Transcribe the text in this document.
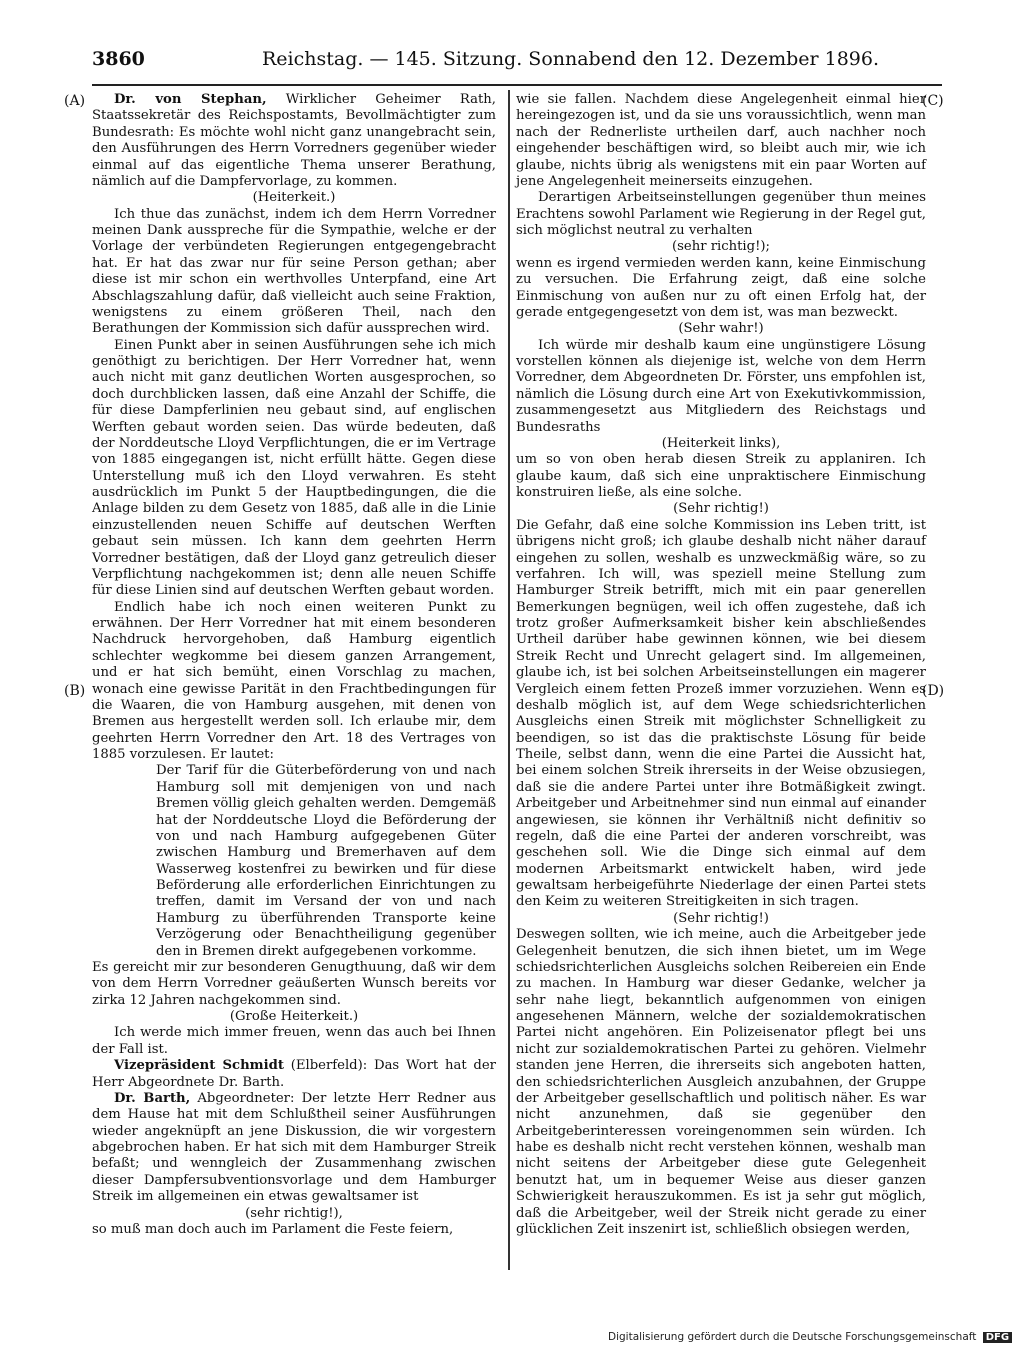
3860	Reichstag. — 145. Sitzung. Sonnabend den 12. Dezember 1896.
(A)
(B)
(C)
(D)

Dr. von Stephan, Wirklicher Geheimer Rath, Staatssekretär des Reichspostamts, Bevollmächtigter zum Bundesrath: Es möchte wohl nicht ganz unangebracht sein, den Ausführungen des Herrn Vorredners gegenüber wieder einmal auf das eigentliche Thema unserer Berathung, nämlich auf die Dampfervorlage, zu kommen.

(Heiterkeit.)

Ich thue das zunächst, indem ich dem Herrn Vorredner meinen Dank ausspreche für die Sympathie, welche er der Vorlage der verbündeten Regierungen entgegengebracht hat. Er hat das zwar nur für seine Person gethan; aber diese ist mir schon ein werthvolles Unterpfand, eine Art Abschlagszahlung dafür, daß vielleicht auch seine Fraktion, wenigstens zu einem größeren Theil, nach den Berathungen der Kommission sich dafür aussprechen wird.

Einen Punkt aber in seinen Ausführungen sehe ich mich genöthigt zu berichtigen. Der Herr Vorredner hat, wenn auch nicht mit ganz deutlichen Worten ausgesprochen, so doch durchblicken lassen, daß eine Anzahl der Schiffe, die für diese Dampferlinien neu gebaut sind, auf englischen Werften gebaut worden seien. Das würde bedeuten, daß der Norddeutsche Lloyd Verpflichtungen, die er im Vertrage von 1885 eingegangen ist, nicht erfüllt hätte. Gegen diese Unterstellung muß ich den Lloyd verwahren. Es steht ausdrücklich im Punkt 5 der Hauptbedingungen, die die Anlage bilden zu dem Gesetz von 1885, daß alle in die Linie einzustellenden neuen Schiffe auf deutschen Werften gebaut sein müssen. Ich kann dem geehrten Herrn Vorredner bestätigen, daß der Lloyd ganz getreulich dieser Verpflichtung nachgekommen ist; denn alle neuen Schiffe für diese Linien sind auf deutschen Werften gebaut worden.

Endlich habe ich noch einen weiteren Punkt zu erwähnen. Der Herr Vorredner hat mit einem besonderen Nachdruck hervorgehoben, daß Hamburg eigentlich schlechter wegkomme bei diesem ganzen Arrangement, und er hat sich bemüht, einen Vorschlag zu machen, wonach eine gewisse Parität in den Frachtbedingungen für die Waaren, die von Hamburg ausgehen, mit denen von Bremen aus hergestellt werden soll. Ich erlaube mir, dem geehrten Herrn Vorredner den Art. 18 des Vertrages von 1885 vorzulesen. Er lautet:

Der Tarif für die Güterbeförderung von und nach Hamburg soll mit demjenigen von und nach Bremen völlig gleich gehalten werden. Demgemäß hat der Norddeutsche Lloyd die Beförderung der von und nach Hamburg aufgegebenen Güter zwischen Hamburg und Bremerhaven auf dem Wasserweg kostenfrei zu bewirken und für diese Beförderung alle erforderlichen Einrichtungen zu treffen, damit im Versand der von und nach Hamburg zu überführenden Transporte keine Verzögerung oder Benachtheiligung gegenüber den in Bremen direkt aufgegebenen vorkomme.

Es gereicht mir zur besonderen Genugthuung, daß wir dem von dem Herrn Vorredner geäußerten Wunsch bereits vor zirka 12 Jahren nachgekommen sind.

(Große Heiterkeit.)

Ich werde mich immer freuen, wenn das auch bei Ihnen der Fall ist.

Vizepräsident Schmidt (Elberfeld): Das Wort hat der Herr Abgeordnete Dr. Barth.

Dr. Barth, Abgeordneter: Der letzte Herr Redner aus dem Hause hat mit dem Schlußtheil seiner Ausführungen wieder angeknüpft an jene Diskussion, die wir vorgestern abgebrochen haben. Er hat sich mit dem Hamburger Streik befaßt; und wenngleich der Zusammenhang zwischen dieser Dampfersubventionsvorlage und dem Hamburger Streik im allgemeinen ein etwas gewaltsamer ist

(sehr richtig!),

so muß man doch auch im Parlament die Feste feiern,

wie sie fallen. Nachdem diese Angelegenheit einmal hier hereingezogen ist, und da sie uns voraussichtlich, wenn man nach der Rednerliste urtheilen darf, auch nachher noch eingehender beschäftigen wird, so bleibt auch mir, wie ich glaube, nichts übrig als wenigstens mit ein paar Worten auf jene Angelegenheit meinerseits einzugehen.

Derartigen Arbeitseinstellungen gegenüber thun meines Erachtens sowohl Parlament wie Regierung in der Regel gut, sich möglichst neutral zu verhalten

(sehr richtig!);

wenn es irgend vermieden werden kann, keine Einmischung zu versuchen. Die Erfahrung zeigt, daß eine solche Einmischung von außen nur zu oft einen Erfolg hat, der gerade entgegengesetzt von dem ist, was man bezweckt.

(Sehr wahr!)

Ich würde mir deshalb kaum eine ungünstigere Lösung vorstellen können als diejenige ist, welche von dem Herrn Vorredner, dem Abgeordneten Dr. Förster, uns empfohlen ist, nämlich die Lösung durch eine Art von Exekutivkommission, zusammengesetzt aus Mitgliedern des Reichstags und Bundesraths

(Heiterkeit links),

um so von oben herab diesen Streik zu applaniren. Ich glaube kaum, daß sich eine unpraktischere Einmischung konstruiren ließe, als eine solche.

(Sehr richtig!)

Die Gefahr, daß eine solche Kommission ins Leben tritt, ist übrigens nicht groß; ich glaube deshalb nicht näher darauf eingehen zu sollen, weshalb es unzweckmäßig wäre, so zu verfahren. Ich will, was speziell meine Stellung zum Hamburger Streik betrifft, mich mit ein paar generellen Bemerkungen begnügen, weil ich offen zugestehe, daß ich trotz großer Aufmerksamkeit bisher kein abschließendes Urtheil darüber habe gewinnen können, wie bei diesem Streik Recht und Unrecht gelagert sind. Im allgemeinen, glaube ich, ist bei solchen Arbeitseinstellungen ein magerer Vergleich einem fetten Prozeß immer vorzuziehen. Wenn es deshalb möglich ist, auf dem Wege schiedsrichterlichen Ausgleichs einen Streik mit möglichster Schnelligkeit zu beendigen, so ist das die praktischste Lösung für beide Theile, selbst dann, wenn die eine Partei die Aussicht hat, bei einem solchen Streik ihrerseits in der Weise obzusiegen, daß sie die andere Partei unter ihre Botmäßigkeit zwingt. Arbeitgeber und Arbeitnehmer sind nun einmal auf einander angewiesen, sie können ihr Verhältniß nicht definitiv so regeln, daß die eine Partei der anderen vorschreibt, was geschehen soll. Wie die Dinge sich einmal auf dem modernen Arbeitsmarkt entwickelt haben, wird jede gewaltsam herbeigeführte Niederlage der einen Partei stets den Keim zu weiteren Streitigkeiten in sich tragen.

(Sehr richtig!)

Deswegen sollten, wie ich meine, auch die Arbeitgeber jede Gelegenheit benutzen, die sich ihnen bietet, um im Wege schiedsrichterlichen Ausgleichs solchen Reibereien ein Ende zu machen. In Hamburg war dieser Gedanke, welcher ja sehr nahe liegt, bekanntlich aufgenommen von einigen angesehenen Männern, welche der sozialdemokratischen Partei nicht angehören. Ein Polizeisenator pflegt bei uns nicht zur sozialdemokratischen Partei zu gehören. Vielmehr standen jene Herren, die ihrerseits sich angeboten hatten, den schiedsrichterlichen Ausgleich anzubahnen, der Gruppe der Arbeitgeber gesellschaftlich und politisch näher. Es war nicht anzunehmen, daß sie gegenüber den Arbeitgeberinteressen voreingenommen sein würden. Ich habe es deshalb nicht recht verstehen können, weshalb man nicht seitens der Arbeitgeber diese gute Gelegenheit benutzt hat, um in bequemer Weise aus dieser ganzen Schwierigkeit herauszukommen. Es ist ja sehr gut möglich, daß die Arbeitgeber, weil der Streik nicht gerade zu einer glücklichen Zeit inszenirt ist, schließlich obsiegen werden,

Digitalisierung gefördert durch die Deutsche Forschungsgemeinschaft DFG
